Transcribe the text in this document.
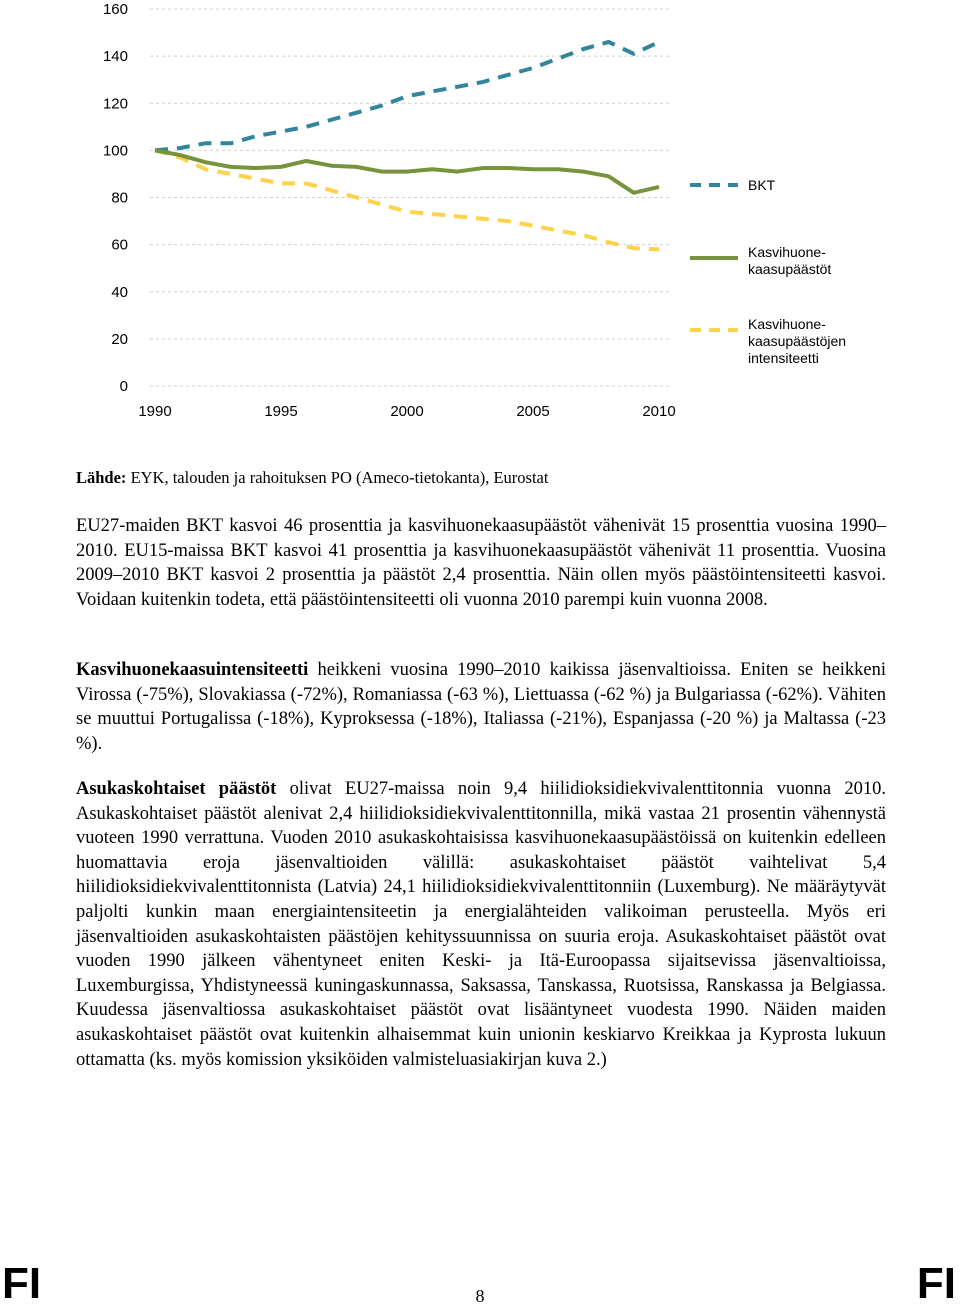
0
20
40
60
80
100
120
140
160
1990	1995	2000	2005	2010
BKT
Kasvihuone-
kaasupäästöt
Kasvihuone-
kaasupäästöjen
intensiteetti
Lähde: EYK, talouden ja rahoituksen PO (Ameco-tietokanta), Eurostat

EU27-maiden BKT kasvoi 46 prosenttia ja kasvihuonekaasupäästöt vähenivät 15 prosenttia vuosina 1990–2010. EU15-maissa BKT kasvoi 41 prosenttia ja kasvihuonekaasupäästöt vähenivät 11 prosenttia. Vuosina 2009–2010 BKT kasvoi 2 prosenttia ja päästöt 2,4 prosenttia. Näin ollen myös päästöintensiteetti kasvoi. Voidaan kuitenkin todeta, että päästöintensiteetti oli vuonna 2010 parempi kuin vuonna 2008.

Kasvihuonekaasuintensiteetti heikkeni vuosina 1990–2010 kaikissa jäsenvaltioissa. Eniten se heikkeni Virossa (-75%), Slovakiassa (-72%), Romaniassa (-63 %), Liettuassa (-62 %) ja Bulgariassa (-62%). Vähiten se muuttui Portugalissa (-18%), Kyproksessa (-18%), Italiassa (-21%), Espanjassa (-20 %) ja Maltassa (-23 %).

Asukaskohtaiset päästöt olivat EU27-maissa noin 9,4 hiilidioksidiekvivalenttitonnia vuonna 2010. Asukaskohtaiset päästöt alenivat 2,4 hiilidioksidiekvivalenttitonnilla, mikä vastaa 21 prosentin vähennystä vuoteen 1990 verrattuna. Vuoden 2010 asukaskohtaisissa kasvihuonekaasupäästöissä on kuitenkin edelleen huomattavia eroja jäsenvaltioiden välillä: asukaskohtaiset päästöt vaihtelivat 5,4 hiilidioksidiekvivalenttitonnista (Latvia) 24,1 hiilidioksidiekvivalenttitonniin (Luxemburg). Ne määräytyvät paljolti kunkin maan energiaintensiteetin ja energialähteiden valikoiman perusteella. Myös eri jäsenvaltioiden asukaskohtaisten päästöjen kehityssuunnissa on suuria eroja. Asukaskohtaiset päästöt ovat vuoden 1990 jälkeen vähentyneet eniten Keski- ja Itä-Euroopassa sijaitsevissa jäsenvaltioissa, Luxemburgissa, Yhdistyneessä kuningaskunnassa, Saksassa, Tanskassa, Ruotsissa, Ranskassa ja Belgiassa. Kuudessa jäsenvaltiossa asukaskohtaiset päästöt ovat lisääntyneet vuodesta 1990. Näiden maiden asukaskohtaiset päästöt ovat kuitenkin alhaisemmat kuin unionin keskiarvo Kreikkaa ja Kyprosta lukuun ottamatta (ks. myös komission yksiköiden valmisteluasiakirjan kuva 2.)

FI	8	FI
